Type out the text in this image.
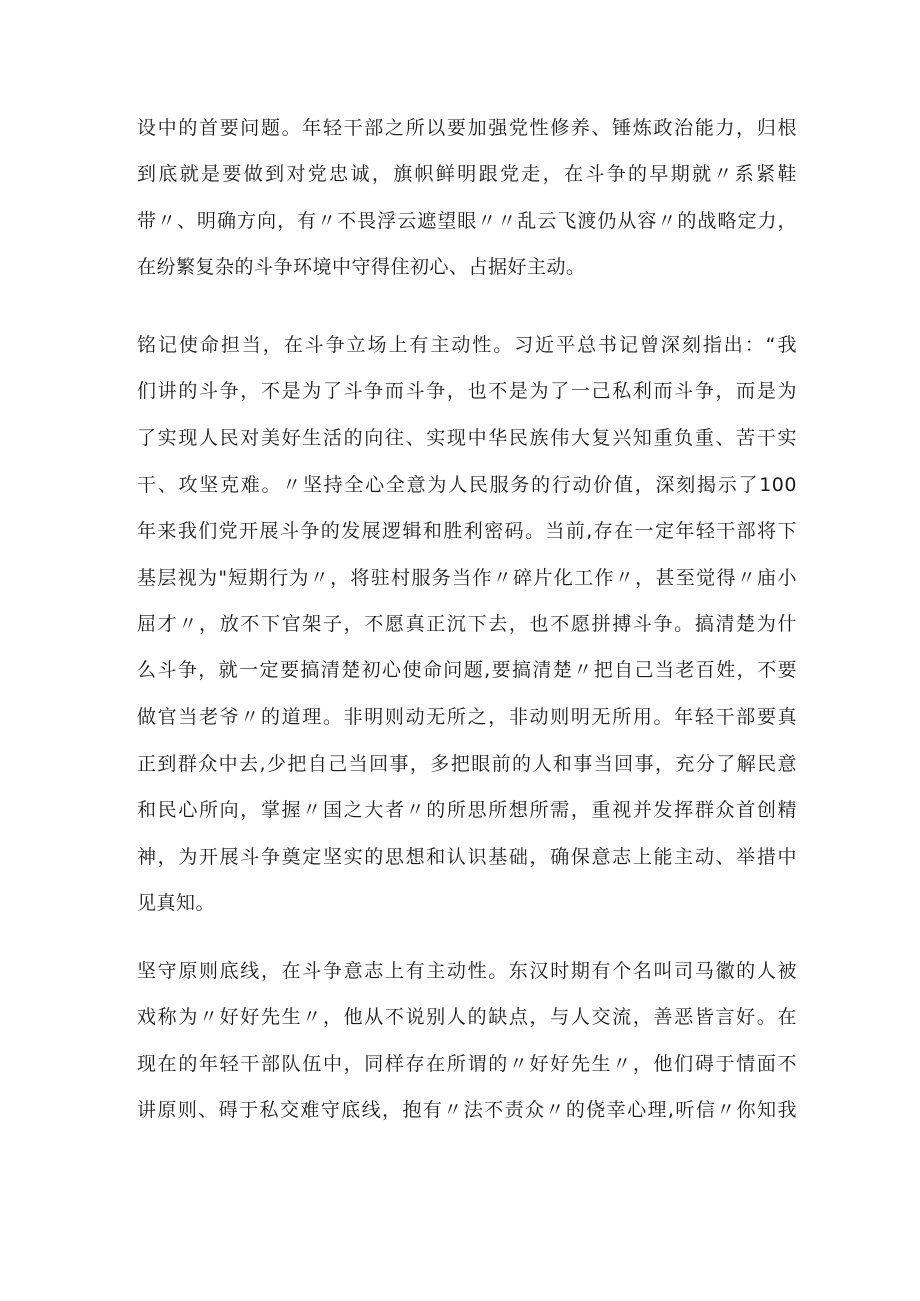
设中的首要问题。年轻干部之所以要加强党性修养、锤炼政治能力，归根
到底就是要做到对党忠诚，旗帜鲜明跟党走，在斗争的早期就〃系紧鞋
带〃、明确方向，有〃不畏浮云遮望眼〃〃乱云飞渡仍从容〃的战略定力，
在纷繁复杂的斗争环境中守得住初心、占据好主动。
铭记使命担当，在斗争立场上有主动性。习近平总书记曾深刻指出：“我
们讲的斗争，不是为了斗争而斗争，也不是为了一己私利而斗争，而是为
了实现人民对美好生活的向往、实现中华民族伟大复兴知重负重、苦干实
干、攻坚克难。〃坚持全心全意为人民服务的行动价值，深刻揭示了100
年来我们党开展斗争的发展逻辑和胜利密码。当前,存在一定年轻干部将下
基层视为"短期行为〃，将驻村服务当作〃碎片化工作〃，甚至觉得〃庙小
屈才〃，放不下官架子，不愿真正沉下去，也不愿拼搏斗争。搞清楚为什
么斗争，就一定要搞清楚初心使命问题,要搞清楚〃把自己当老百姓，不要
做官当老爷〃的道理。非明则动无所之，非动则明无所用。年轻干部要真
正到群众中去,少把自己当回事，多把眼前的人和事当回事，充分了解民意
和民心所向，掌握〃国之大者〃的所思所想所需，重视并发挥群众首创精
神，为开展斗争奠定坚实的思想和认识基础，确保意志上能主动、举措中
见真知。
坚守原则底线，在斗争意志上有主动性。东汉时期有个名叫司马徽的人被
戏称为〃好好先生〃，他从不说别人的缺点，与人交流，善恶皆言好。在
现在的年轻干部队伍中，同样存在所谓的〃好好先生〃，他们碍于情面不
讲原则、碍于私交难守底线，抱有〃法不责众〃的侥幸心理,听信〃你知我
